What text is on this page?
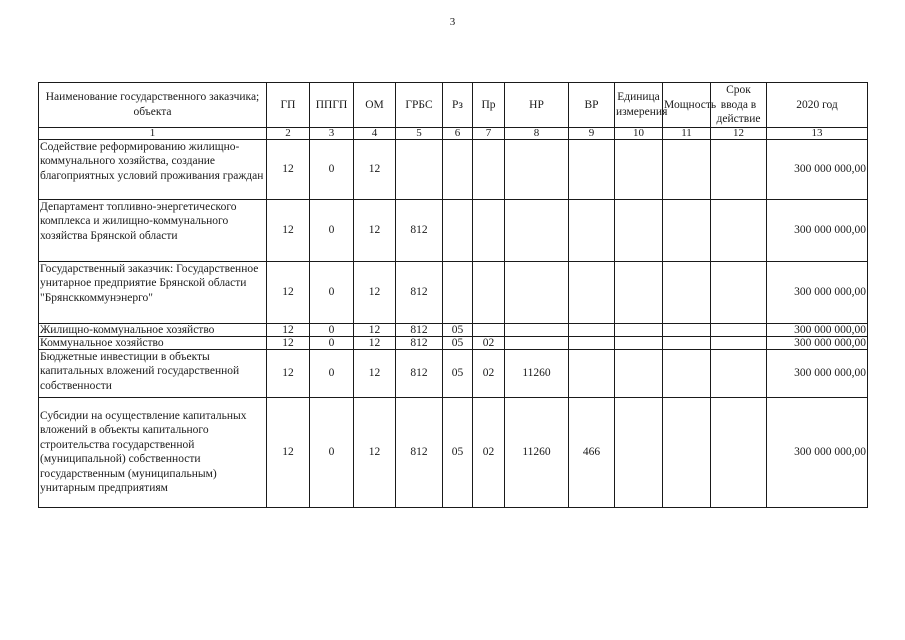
3
Наименование государственного заказчика; объекта	ГП	ППГП	ОМ	ГРБС	Рз	Пр	НР	ВР	Единица измерения	Мощность	Срок ввода в действие	2020 год
1	2	3	4	5	6	7	8	9	10	11	12	13
Содействие реформированию жилищно-коммунального хозяйства, создание благоприятных условий проживания граждан	12	0	12									300 000 000,00
Департамент топливно-энергетического комплекса и жилищно-коммунального хозяйства Брянской области	12	0	12	812								300 000 000,00
Государственный заказчик: Государственное унитарное предприятие Брянской области "Брянсккоммунэнерго"	12	0	12	812								300 000 000,00
Жилищно-коммунальное хозяйство	12	0	12	812	05							300 000 000,00
Коммунальное хозяйство	12	0	12	812	05	02						300 000 000,00
Бюджетные инвестиции в объекты капитальных вложений государственной собственности	12	0	12	812	05	02	11260					300 000 000,00
Субсидии на осуществление капитальных вложений в объекты капитального строительства государственной (муниципальной) собственности государственным (муниципальным) унитарным предприятиям	12	0	12	812	05	02	11260	466				300 000 000,00
